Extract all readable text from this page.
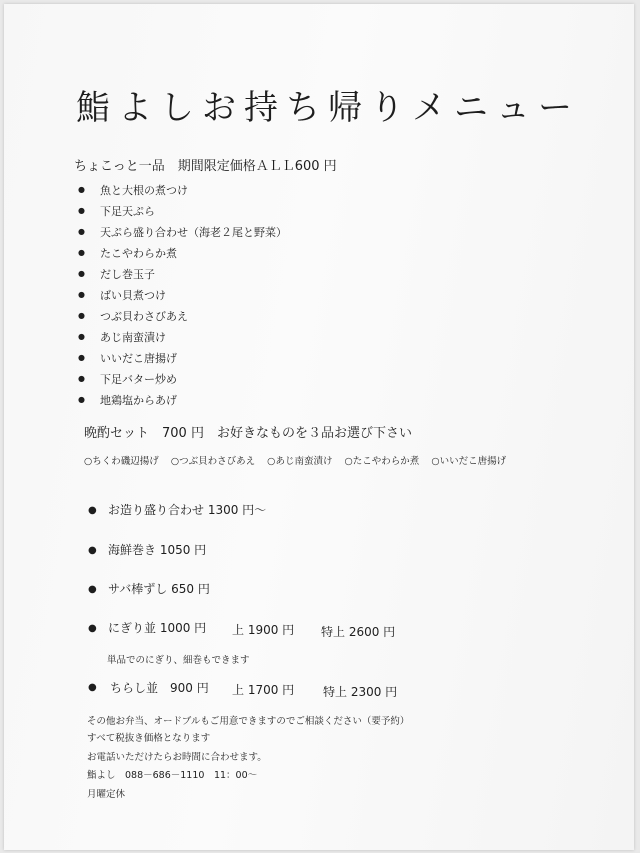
鮨よしお持ち帰りメニュー
ちょこっと一品　期間限定価格ＡＬＬ600 円
● 魚と大根の煮つけ
● 下足天ぷら
● 天ぷら盛り合わせ（海老２尾と野菜）
● たこやわらか煮
● だし巻玉子
● ばい貝煮つけ
● つぶ貝わさびあえ
● あじ南蛮漬け
● いいだこ唐揚げ
● 下足バター炒め
● 地鶏塩からあげ
晩酌セット　700 円　お好きなものを３品お選び下さい
○ちくわ磯辺揚げ ○つぶ貝わさびあえ ○あじ南蛮漬け ○たこやわらか煮 ○いいだこ唐揚げ
● お造り盛り合わせ 1300 円～
● 海鮮巻き 1050 円
● サバ棒ずし 650 円
● にぎり並 1000 円 上 1900 円 特上 2600 円
単品でのにぎり、細巻もできます
● ちらし並　900 円 上 1700 円 特上 2300 円
その他お弁当、オードブルもご用意できますのでご相談ください（要予約）
すべて税抜き価格となります
お電話いただけたらお時間に合わせます。
鮨よし　088－686－1110　11：00～
月曜定休
